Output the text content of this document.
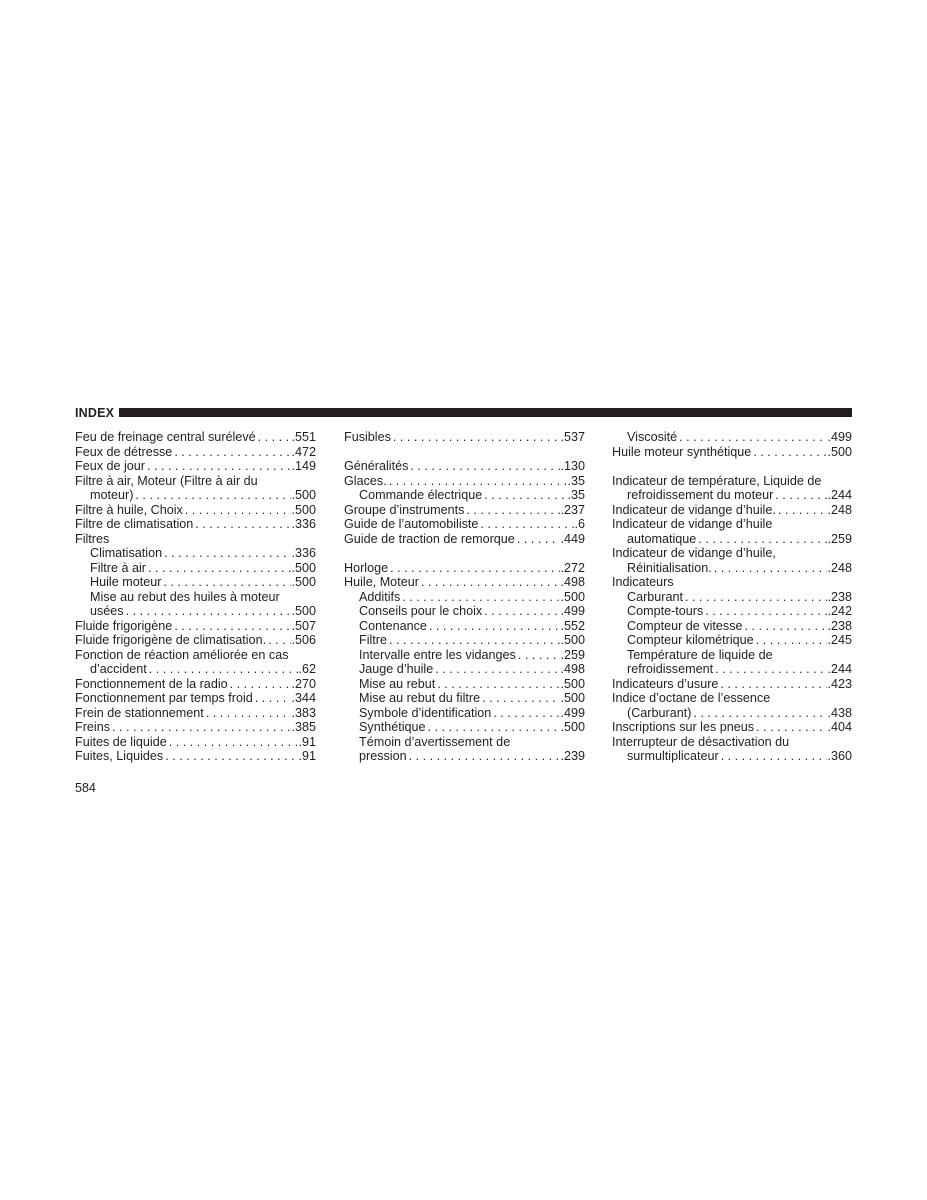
INDEX
Feu de freinage central surélevé . . .	.551
Feux de détresse . . .	.472
Feux de jour . . .	.149
Filtre à air, Moteur (Filtre à air du
moteur) . . .	.500
Filtre à huile, Choix . . .	.500
Filtre de climatisation . . .	.336
Filtres
Climatisation . . .	.336
Filtre à air . . .	.500
Huile moteur . . .	.500
Mise au rebut des huiles à moteur
usées . . .	.500
Fluide frigorigène . . .	.507
Fluide frigorigène de climatisation. . . . .506
Fonction de réaction améliorée en cas
d’accident . . .	.62
Fonctionnement de la radio . . .	.270
Fonctionnement par temps froid . . .	.344
Frein de stationnement . . .	.383
Freins . . .	.385
Fuites de liquide . . .	.91
Fuites, Liquides . . .	.91
Fusibles . . .	.537
Généralités . . .	.130
Glaces. . . .	.35
Commande électrique . . .	.35
Groupe d’instruments . . .	.237
Guide de l’automobiliste . . .	.6
Guide de traction de remorque . . .	.449
Horloge . . .	.272
Huile, Moteur . . .	.498
Additifs . . .	.500
Conseils pour le choix . . .	.499
Contenance . . .	.552
Filtre . . .	.500
Intervalle entre les vidanges . . .	.259
Jauge d’huile . . .	.498
Mise au rebut . . .	.500
Mise au rebut du filtre . . .	.500
Symbole d’identification . . .	.499
Synthétique . . .	.500
Témoin d’avertissement de
pression . . .	.239
Viscosité . . .	.499
Huile moteur synthétique . . .	.500
Indicateur de température, Liquide de
refroidissement du moteur . . .	.244
Indicateur de vidange d’huile. . . .	.248
Indicateur de vidange d’huile
automatique . . .	.259
Indicateur de vidange d’huile,
Réinitialisation. . . .	.248
Indicateurs
Carburant . . .	.238
Compte-tours . . .	.242
Compteur de vitesse . . .	.238
Compteur kilométrique . . .	.245
Température de liquide de
refroidissement . . .	.244
Indicateurs d’usure . . .	.423
Indice d’octane de l’essence
(Carburant) . . .	.438
Inscriptions sur les pneus . . .	.404
Interrupteur de désactivation du
surmultiplicateur . . .	.360
584
